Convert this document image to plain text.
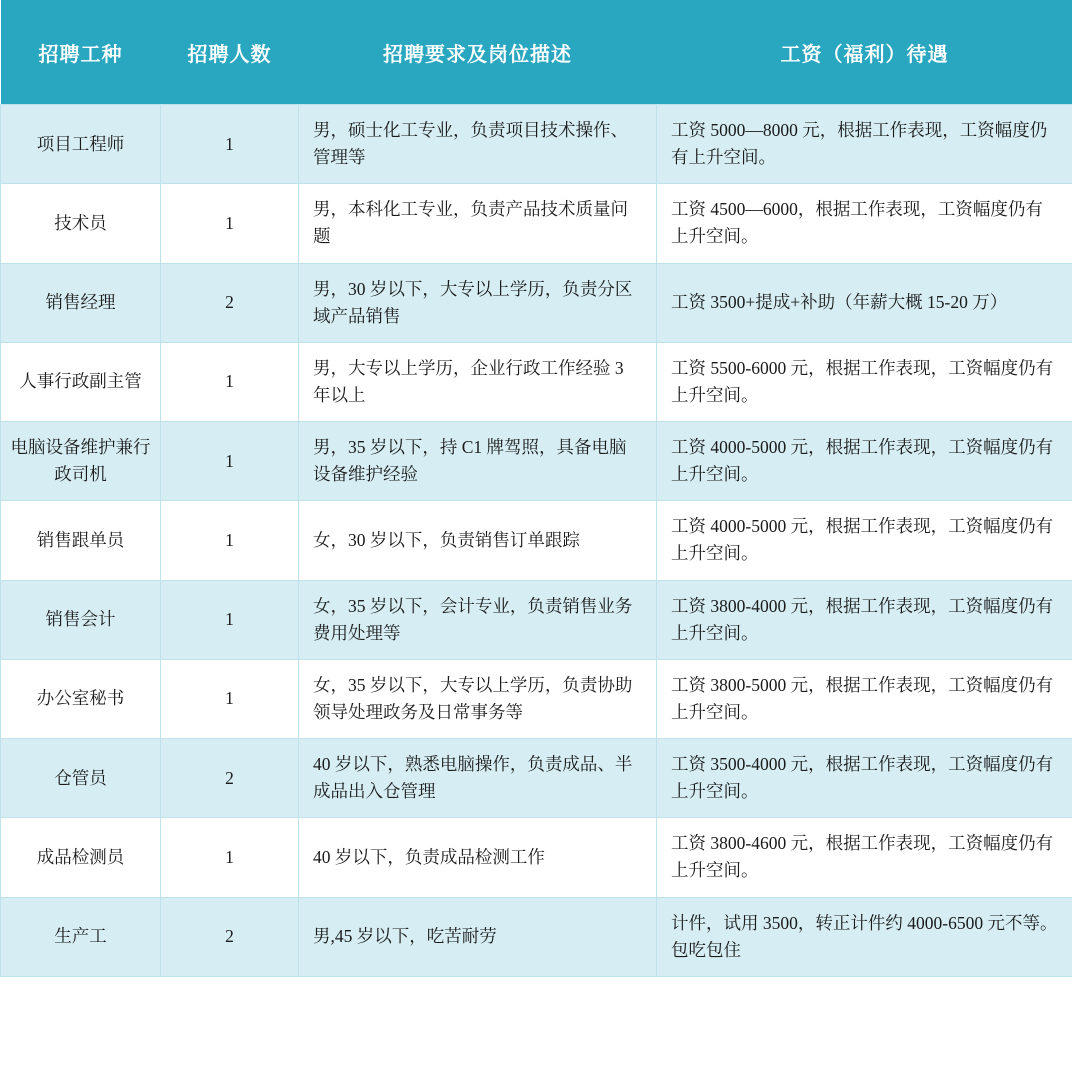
招聘工种	招聘人数	招聘要求及岗位描述	工资（福利）待遇
项目工程师	1	男，硕士化工专业，负责项目技术操作、管理等	工资 5000—8000 元，根据工作表现，工资幅度仍有上升空间。
技术员	1	男，本科化工专业，负责产品技术质量问题	工资 4500—6000，根据工作表现，工资幅度仍有上升空间。
销售经理	2	男，30 岁以下，大专以上学历，负责分区域产品销售	工资 3500+提成+补助（年薪大概 15-20 万）
人事行政副主管	1	男，大专以上学历，企业行政工作经验 3 年以上	工资 5500-6000 元，根据工作表现，工资幅度仍有上升空间。
电脑设备维护兼行政司机	1	男，35 岁以下，持 C1 牌驾照，具备电脑设备维护经验	工资 4000-5000 元，根据工作表现，工资幅度仍有上升空间。
销售跟单员	1	女，30 岁以下，负责销售订单跟踪	工资 4000-5000 元，根据工作表现，工资幅度仍有上升空间。
销售会计	1	女，35 岁以下，会计专业，负责销售业务费用处理等	工资 3800-4000 元，根据工作表现，工资幅度仍有上升空间。
办公室秘书	1	女，35 岁以下，大专以上学历，负责协助领导处理政务及日常事务等	工资 3800-5000 元，根据工作表现，工资幅度仍有上升空间。
仓管员	2	40 岁以下，熟悉电脑操作，负责成品、半成品出入仓管理	工资 3500-4000 元，根据工作表现，工资幅度仍有上升空间。
成品检测员	1	40 岁以下，负责成品检测工作	工资 3800-4600 元，根据工作表现，工资幅度仍有上升空间。
生产工	2	男,45 岁以下，吃苦耐劳	计件，试用 3500，转正计件约 4000-6500 元不等。包吃包住
